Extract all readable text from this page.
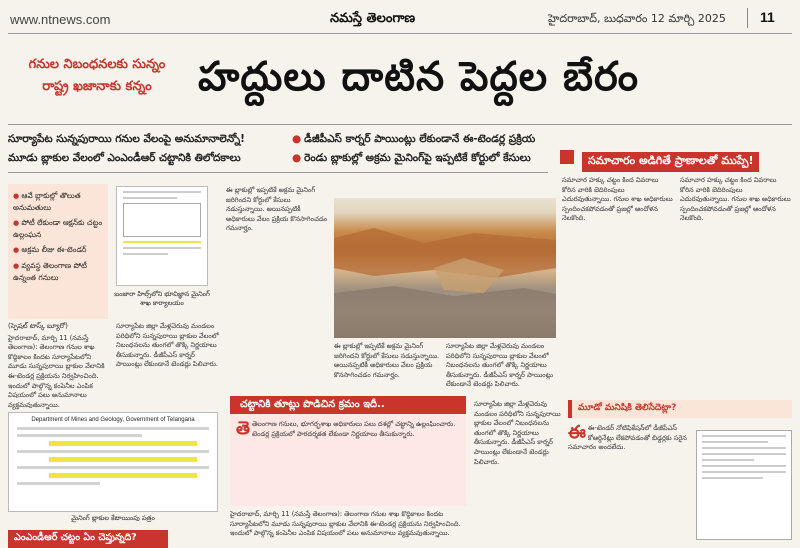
www.ntnews.com	నమస్తే తెలంగాణ	హైదరాబాద్, బుధవారం 12 మార్చి 2025 11
గనుల నిబంధనలకు సున్నం
రాష్ట్ర ఖజానాకు కన్నం	హద్దులు దాటిన పెద్దల బేరం
సూర్యాపేట సున్నపురాయి గనుల వేలంపై అనుమానాలెన్నో!
మూడు బ్లాకుల వేలంలో ఎంఎండీఆర్ చట్టానికి తిలోదకాలు
● డీజీపీఎస్ కార్నర్ పాయింట్లు లేకుండానే ఈ-టెండర్ల ప్రక్రియ
● రెండు బ్లాకుల్లో అక్రమ మైనింగ్‌పై ఇప్పటికే కోర్టులో కేసులు
● ఆవే బ్లాకుల్లో తొలుత అనుమతులు
● పోటీ లేకుండా ఆక్షన్‌కు చట్టం ఉల్లంఘన
● అక్రమ లీజు ఈ-టెండర్
● వ్యవస్థ తెలంగాణ పోటీ ఉన్నంత గనులు
బంజారా హిల్స్‌లోని భూవిజ్ఞాన మైనింగ్ శాఖ కార్యాలయం
(స్పెషల్ టాస్క్ బ్యూరో)
హైదరాబాద్, మార్చి 11 (నమస్తే తెలంగాణ): తెలంగాణ గనుల శాఖ కొద్దికాలం కిందట సూర్యాపేటలోని మూడు సున్నపురాయి బ్లాకుల వేలానికి ఈ-టెండర్ల ప్రక్రియను నిర్వహించింది. ఇందులో పాల్గొన్న కంపెనీల ఎంపిక విషయంలో పలు అనుమానాలు వ్యక్తమవుతున్నాయి.
సూర్యాపేట జిల్లా మేళ్లచెరువు మండలం పరిధిలోని సున్నపురాయి బ్లాకుల వేలంలో నిబంధనలను తుంగలో తొక్కి నిర్ణయాలు తీసుకున్నారు. డీజీపీఎస్ కార్నర్ పాయింట్లు లేకుండానే టెండర్లు పిలిచారు.
ఈ బ్లాకుల్లో ఇప్పటికే అక్రమ మైనింగ్ జరిగిందని కోర్టులో కేసులు నడుస్తున్నాయి. అయినప్పటికీ అధికారులు వేలం ప్రక్రియ కొనసాగించడం గమనార్హం.
ఈ బ్లాకుల్లో ఇప్పటికే అక్రమ మైనింగ్ జరిగిందని కోర్టులో కేసులు నడుస్తున్నాయి. అయినప్పటికీ అధికారులు వేలం ప్రక్రియ కొనసాగించడం గమనార్హం.
సూర్యాపేట జిల్లా మేళ్లచెరువు మండలం పరిధిలోని సున్నపురాయి బ్లాకుల వేలంలో నిబంధనలను తుంగలో తొక్కి నిర్ణయాలు తీసుకున్నారు. డీజీపీఎస్ కార్నర్ పాయింట్లు లేకుండానే టెండర్లు పిలిచారు.
సమాచారం అడిగితే ప్రాణాలతో ముప్పే!
సమాచార హక్కు చట్టం కింద వివరాలు కోరిన వారికి బెదిరింపులు ఎదురవుతున్నాయి. గనుల శాఖ అధికారులు స్పందించకపోవడంతో ప్రజల్లో ఆందోళన నెలకొంది.
సమాచార హక్కు చట్టం కింద వివరాలు కోరిన వారికి బెదిరింపులు ఎదురవుతున్నాయి. గనుల శాఖ అధికారులు స్పందించకపోవడంతో ప్రజల్లో ఆందోళన నెలకొంది.
చట్టానికి తూట్లు పొడిచిన క్రమం ఇదీ..
తెతెలంగాణ గనులు, భూగర్భశాఖ అధికారులు పలు దశల్లో చట్టాన్ని ఉల్లంఘించారు. టెండర్ల ప్రక్రియలో పారదర్శకత లేకుండా నిర్ణయాలు తీసుకున్నారు.
సూర్యాపేట జిల్లా మేళ్లచెరువు మండలం పరిధిలోని సున్నపురాయి బ్లాకుల వేలంలో నిబంధనలను తుంగలో తొక్కి నిర్ణయాలు తీసుకున్నారు. డీజీపీఎస్ కార్నర్ పాయింట్లు లేకుండానే టెండర్లు పిలిచారు.
హైదరాబాద్, మార్చి 11 (నమస్తే తెలంగాణ): తెలంగాణ గనుల శాఖ కొద్దికాలం కిందట సూర్యాపేటలోని మూడు సున్నపురాయి బ్లాకుల వేలానికి ఈ-టెండర్ల ప్రక్రియను నిర్వహించింది. ఇందులో పాల్గొన్న కంపెనీల ఎంపిక విషయంలో పలు అనుమానాలు వ్యక్తమవుతున్నాయి.
మూడో మనిషికి తెలిసేదెట్లా?
ఈఈ-టెండర్ నోటిఫికేషన్‌లో డీజీపీఎస్ కోఆర్డినేట్లు లేకపోవడంతో బిడ్డర్లకు సరైన సమాచారం అందలేదు.
Department of Mines and Geology, Government of Telangana
మైనింగ్ బ్లాకుల కేటాయింపు పత్రం
ఎంఎండీఆర్ చట్టం ఏం చెప్తున్నది?
